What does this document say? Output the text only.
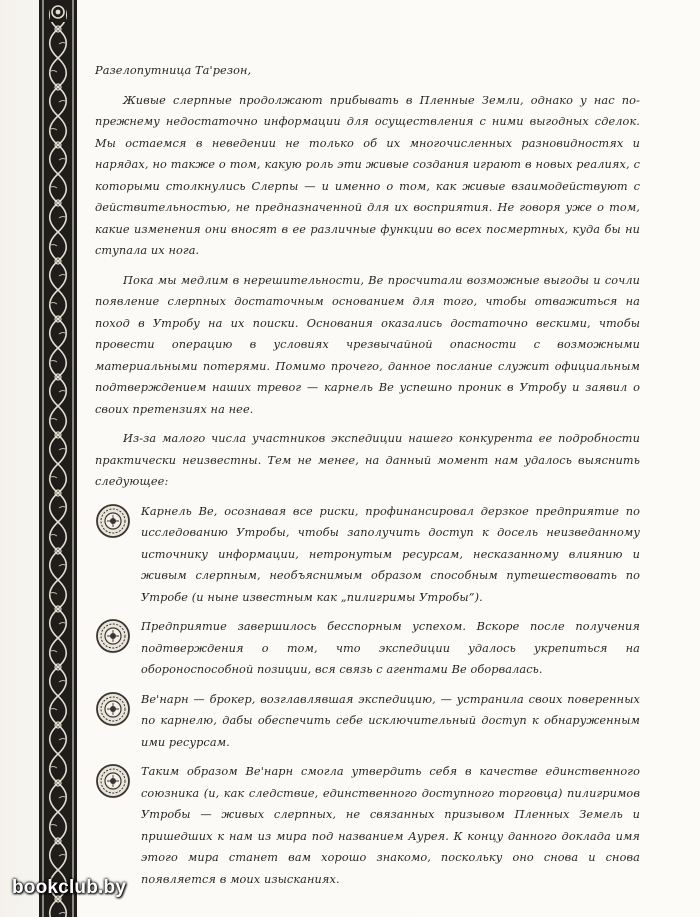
Разелопутница Та'резон,

Живые слерпные продолжают прибывать в Пленные Земли, однако у нас по-прежнему недостаточно информации для осуществления с ними выгодных сделок. Мы остаемся в неведении не только об их многочисленных разновидностях и нарядах, но также о том, какую роль эти живые создания играют в новых реалиях, с которыми столкнулись Слерпы — и именно о том, как живые взаимодействуют с действительностью, не предназначенной для их восприятия. Не говоря уже о том, какие изменения они вносят в ее различные функции во всех посмертных, куда бы ни ступала их нога.

Пока мы медлим в нерешительности, Ве просчитали возможные выгоды и сочли появление слерпных достаточным основанием для того, чтобы отважиться на поход в Утробу на их поиски. Основания оказались достаточно вескими, чтобы провести операцию в условиях чрезвычайной опасности с возможными материальными потерями. Помимо прочего, данное послание служит официальным подтверждением наших тревог — карнель Ве успешно проник в Утробу и заявил о своих претензиях на нее.

Из-за малого числа участников экспедиции нашего конкурента ее подробности практически неизвестны. Тем не менее, на данный момент нам удалось выяснить следующее:

Карнель Ве, осознавая все риски, профинансировал дерзкое предприятие по исследованию Утробы, чтобы заполучить доступ к досель неизведанному источнику информации, нетронутым ресурсам, несказанному влиянию и живым слерпным, необъяснимым образом способным путешествовать по Утробе (и ныне известным как „пилигримы Утробы”).
Предприятие завершилось бесспорным успехом. Вскоре после получения подтверждения о том, что экспедиции удалось укрепиться на обороноспособной позиции, вся связь с агентами Ве оборвалась.
Ве'нарн — брокер, возглавлявшая экспедицию, — устранила своих поверенных по карнелю, дабы обеспечить себе исключительный доступ к обнаруженным ими ресурсам.
Таким образом Ве'нарн смогла утвердить себя в качестве единственного союзника (и, как следствие, единственного доступного торговца) пилигримов Утробы — живых слерпных, не связанных призывом Пленных Земель и пришедших к нам из мира под названием Аурея. К концу данного доклада имя этого мира станет вам хорошо знакомо, поскольку оно снова и снова появляется в моих изысканиях.
bookclub.by
